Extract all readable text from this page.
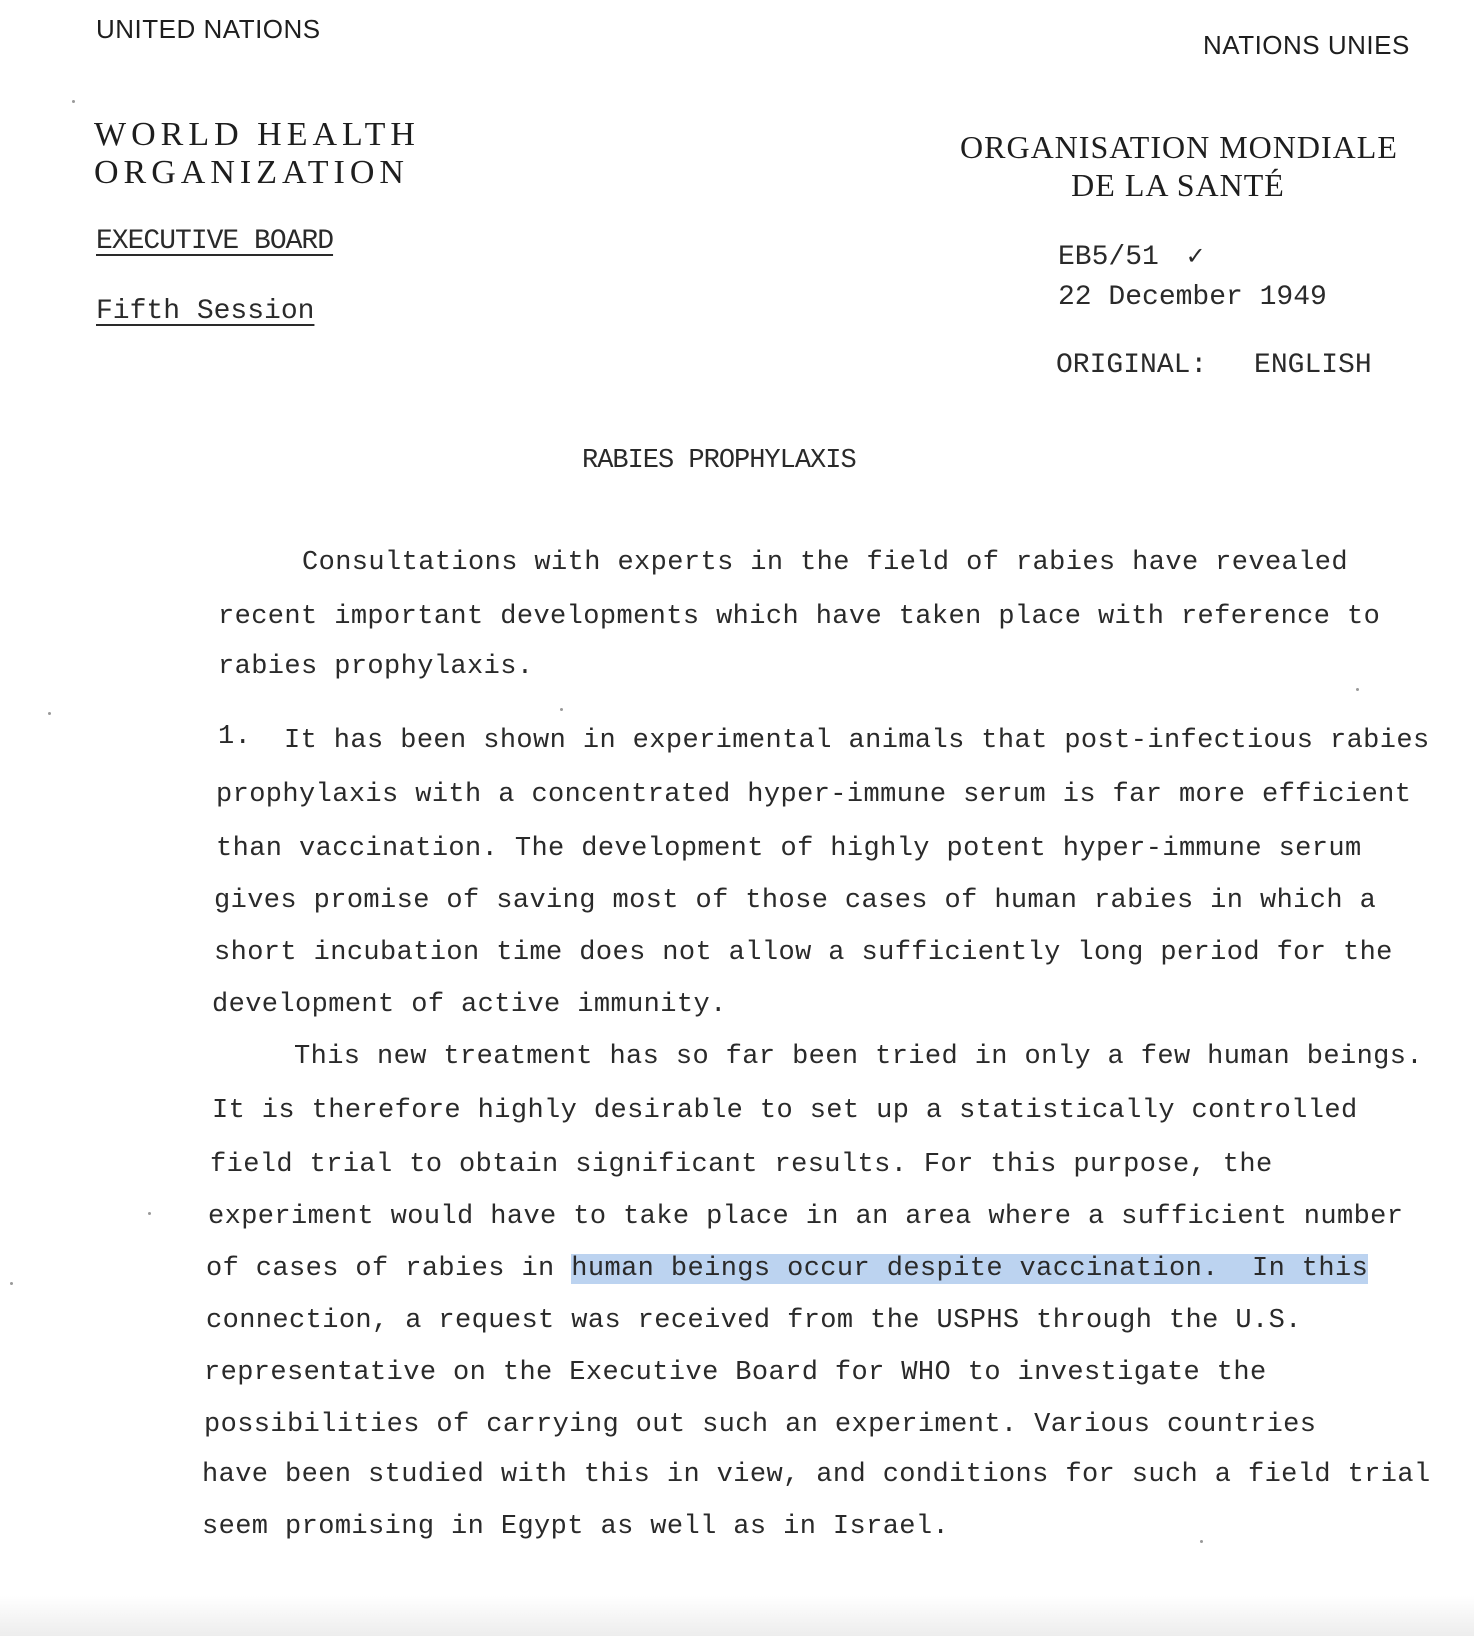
UNITED NATIONS
NATIONS UNIES
WORLD HEALTH
ORGANIZATION
ORGANISATION MONDIALE
DE LA SANTÉ
EXECUTIVE BOARD
Fifth Session
EB5/51 ✓
22 December 1949
ORIGINAL: ENGLISH
RABIES PROPHYLAXIS
Consultations with experts in the field of rabies have revealed
recent important developments which have taken place with reference to
rabies prophylaxis.
1. It has been shown in experimental animals that post-infectious rabies
prophylaxis with a concentrated hyper-immune serum is far more efficient
than vaccination. The development of highly potent hyper-immune serum
gives promise of saving most of those cases of human rabies in which a
short incubation time does not allow a sufficiently long period for the
development of active immunity.
This new treatment has so far been tried in only a few human beings.
It is therefore highly desirable to set up a statistically controlled
field trial to obtain significant results. For this purpose, the
experiment would have to take place in an area where a sufficient number
of cases of rabies in human beings occur despite vaccination.  In this
connection, a request was received from the USPHS through the U.S.
representative on the Executive Board for WHO to investigate the
possibilities of carrying out such an experiment. Various countries
have been studied with this in view, and conditions for such a field trial
seem promising in Egypt as well as in Israel.
